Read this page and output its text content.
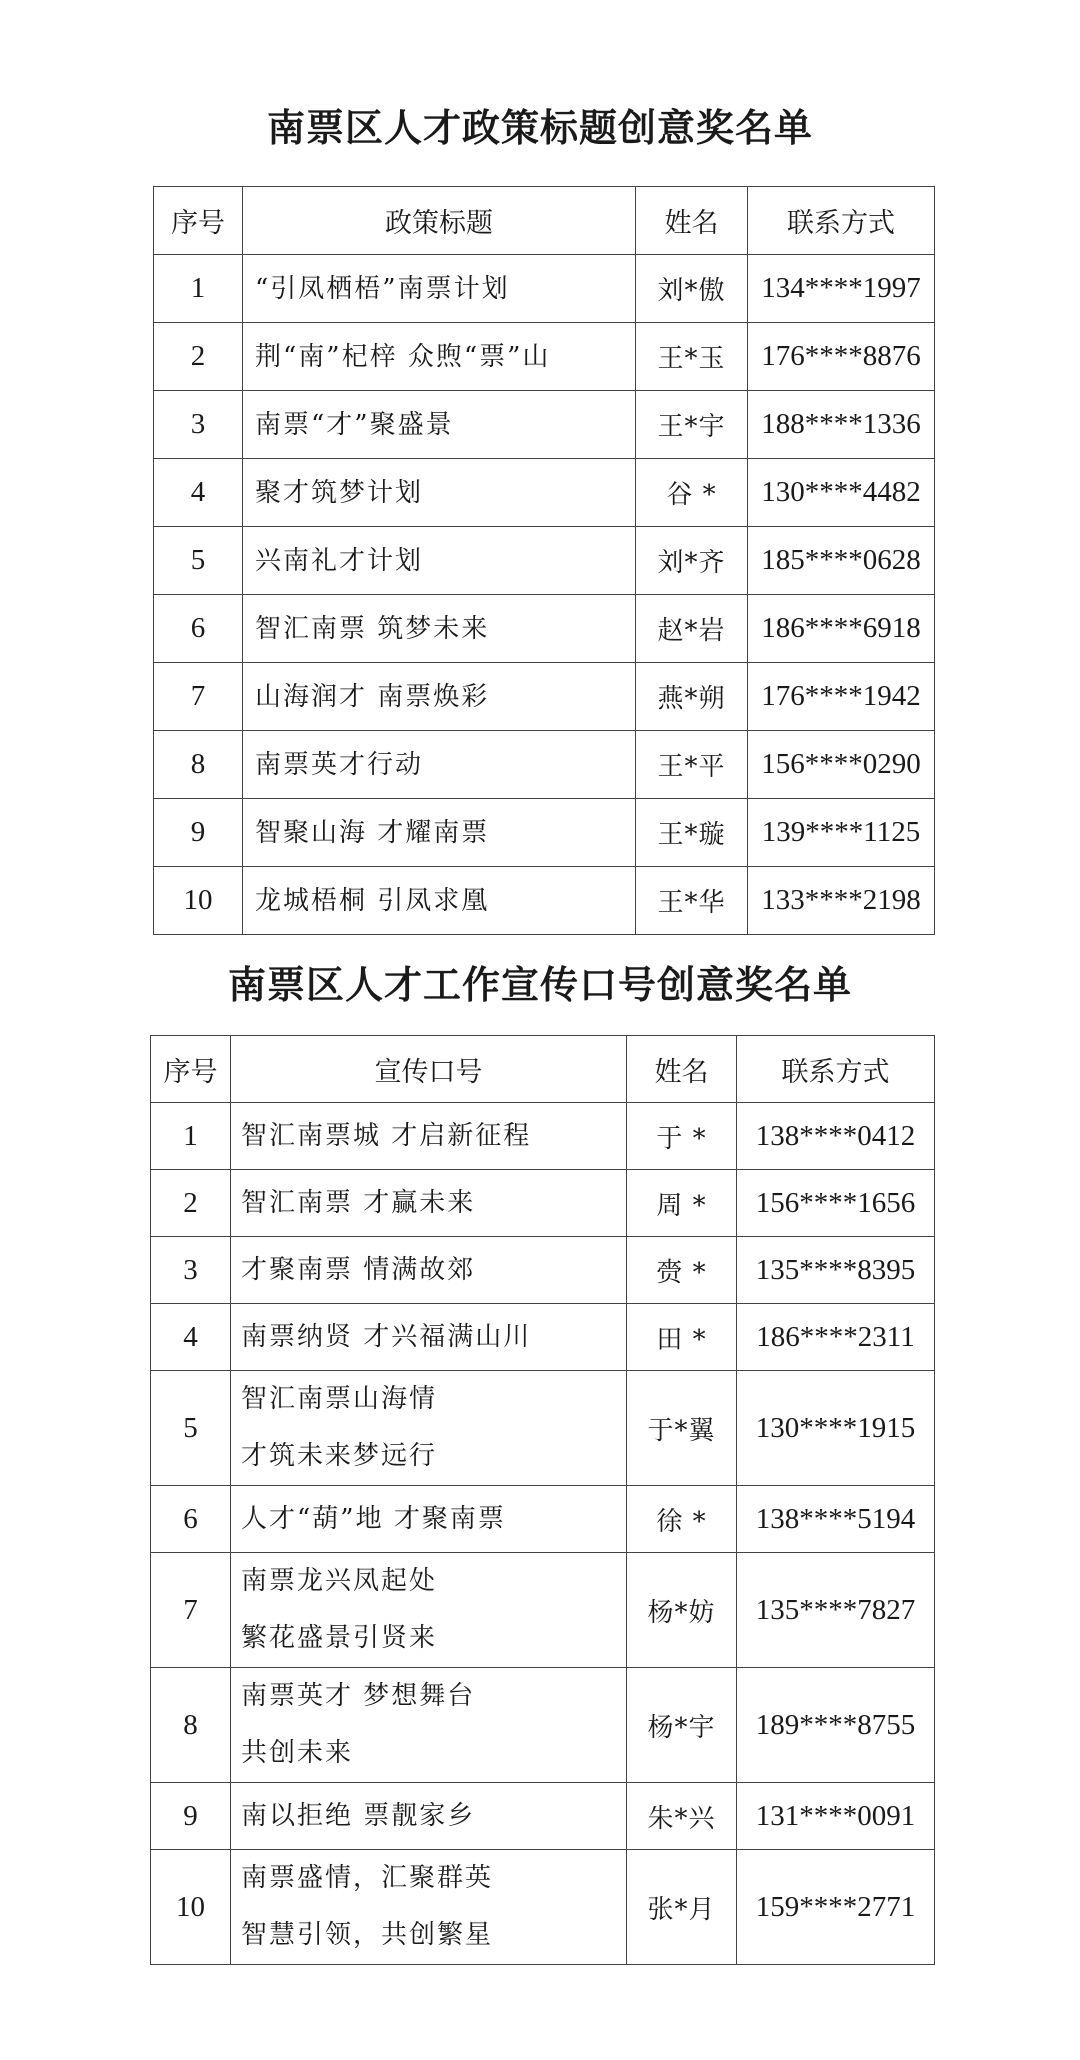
南票区人才政策标题创意奖名单
序号	政策标题	姓名	联系方式
1	“引凤栖梧”南票计划	刘*傲	134****1997
2	荆“南”杞梓 众煦“票”山	王*玉	176****8876
3	南票“才”聚盛景	王*宇	188****1336
4	聚才筑梦计划	谷 *	130****4482
5	兴南礼才计划	刘*齐	185****0628
6	智汇南票 筑梦未来	赵*岩	186****6918
7	山海润才 南票焕彩	燕*朔	176****1942
8	南票英才行动	王*平	156****0290
9	智聚山海 才耀南票	王*璇	139****1125
10	龙城梧桐 引凤求凰	王*华	133****2198
南票区人才工作宣传口号创意奖名单
序号	宣传口号	姓名	联系方式
1	智汇南票城 才启新征程	于 *	138****0412
2	智汇南票 才赢未来	周 *	156****1656
3	才聚南票 情满故郊	赍 *	135****8395
4	南票纳贤 才兴福满山川	田 *	186****2311
5	智汇南票山海情
才筑未来梦远行	于*翼	130****1915
6	人才“葫”地 才聚南票	徐 *	138****5194
7	南票龙兴凤起处
繁花盛景引贤来	杨*妨	135****7827
8	南票英才 梦想舞台
共创未来	杨*宇	189****8755
9	南以拒绝 票靓家乡	朱*兴	131****0091
10	南票盛情，汇聚群英
智慧引领，共创繁星	张*月	159****2771
